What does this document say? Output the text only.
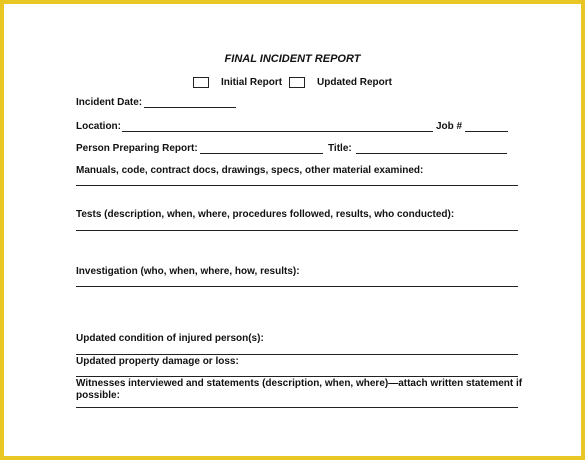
FINAL INCIDENT REPORT
Initial Report	Updated Report
Incident Date:
Location:	Job #
Person Preparing Report:	Title:
Manuals, code, contract docs, drawings, specs, other material examined:
Tests (description, when, where, procedures followed, results, who conducted):
Investigation (who, when, where, how, results):
Updated condition of injured person(s):
Updated property damage or loss:
Witnesses interviewed and statements (description, when, where)—attach written statement if
possible:
